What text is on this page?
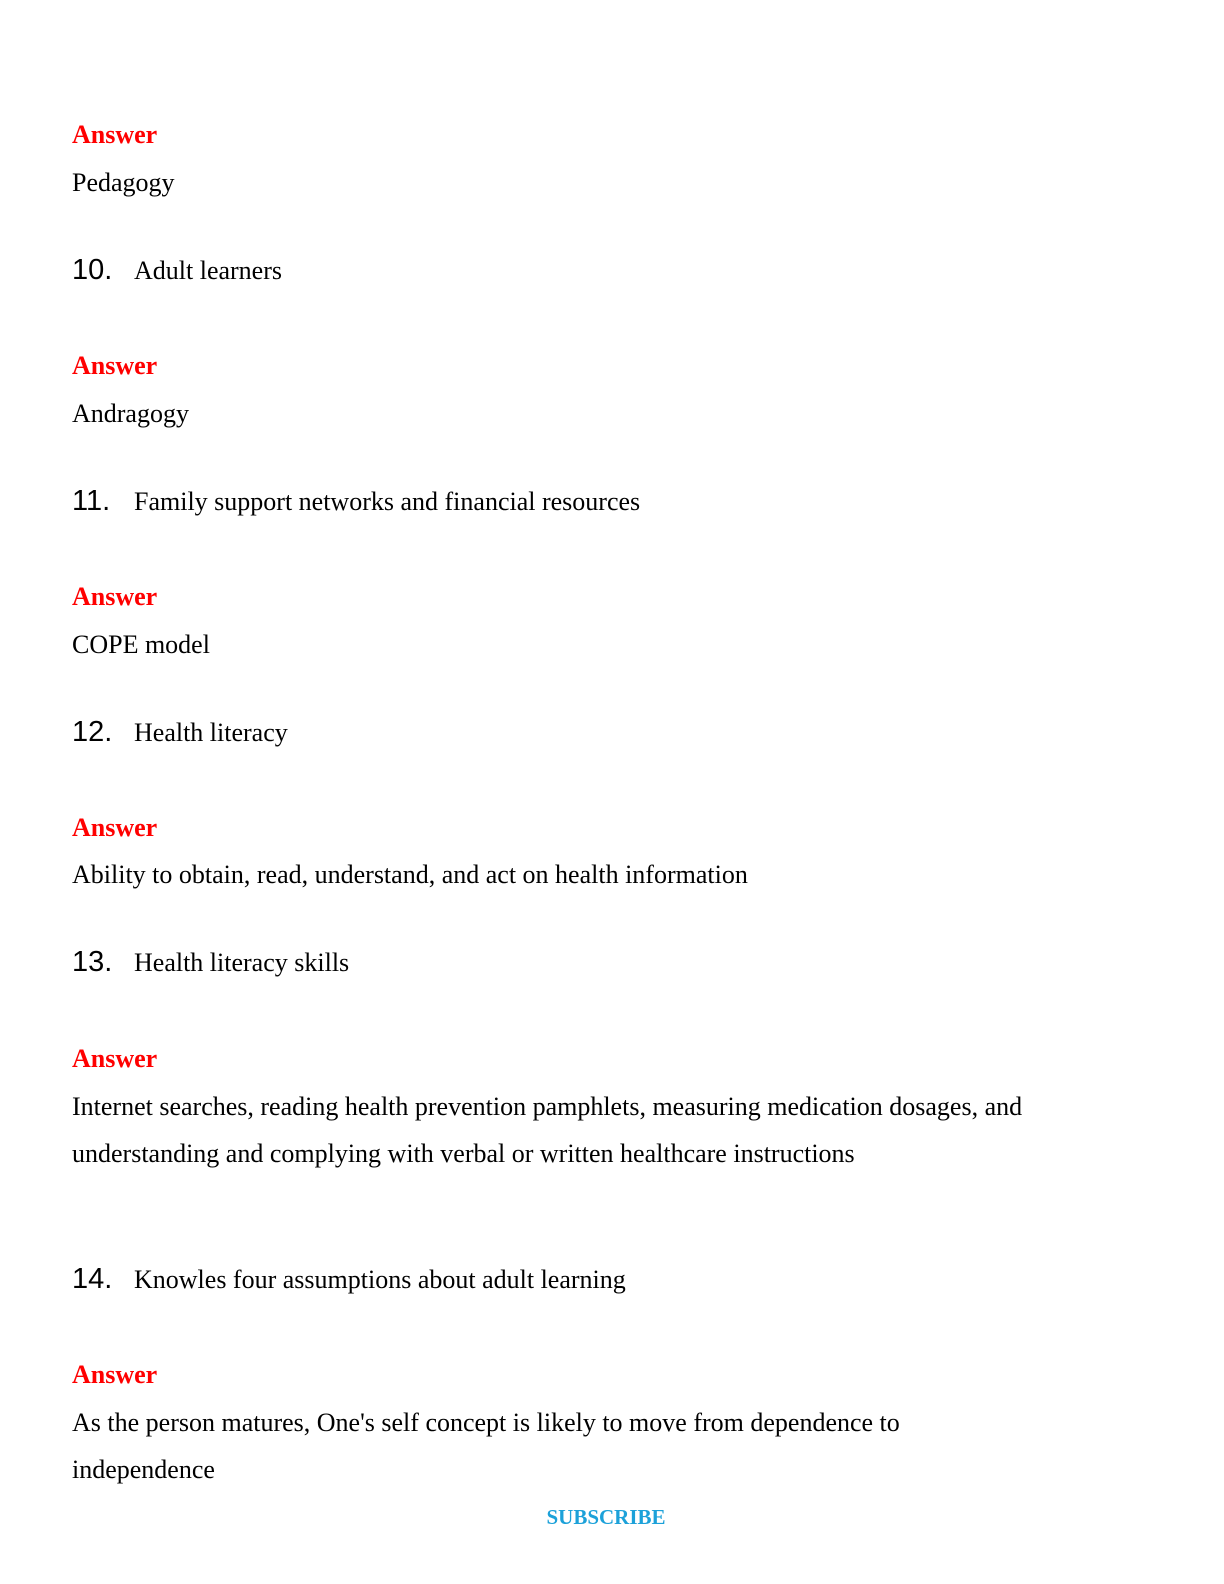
Answer
Pedagogy
10. Adult learners
Answer
Andragogy
11. Family support networks and financial resources
Answer
COPE model
12. Health literacy
Answer
Ability to obtain, read, understand, and act on health information
13. Health literacy skills
Answer
Internet searches, reading health prevention pamphlets, measuring medication dosages, and understanding and complying with verbal or written healthcare instructions
14. Knowles four assumptions about adult learning
Answer
As the person matures, One's self concept is likely to move from dependence to independence
SUBSCRIBE
